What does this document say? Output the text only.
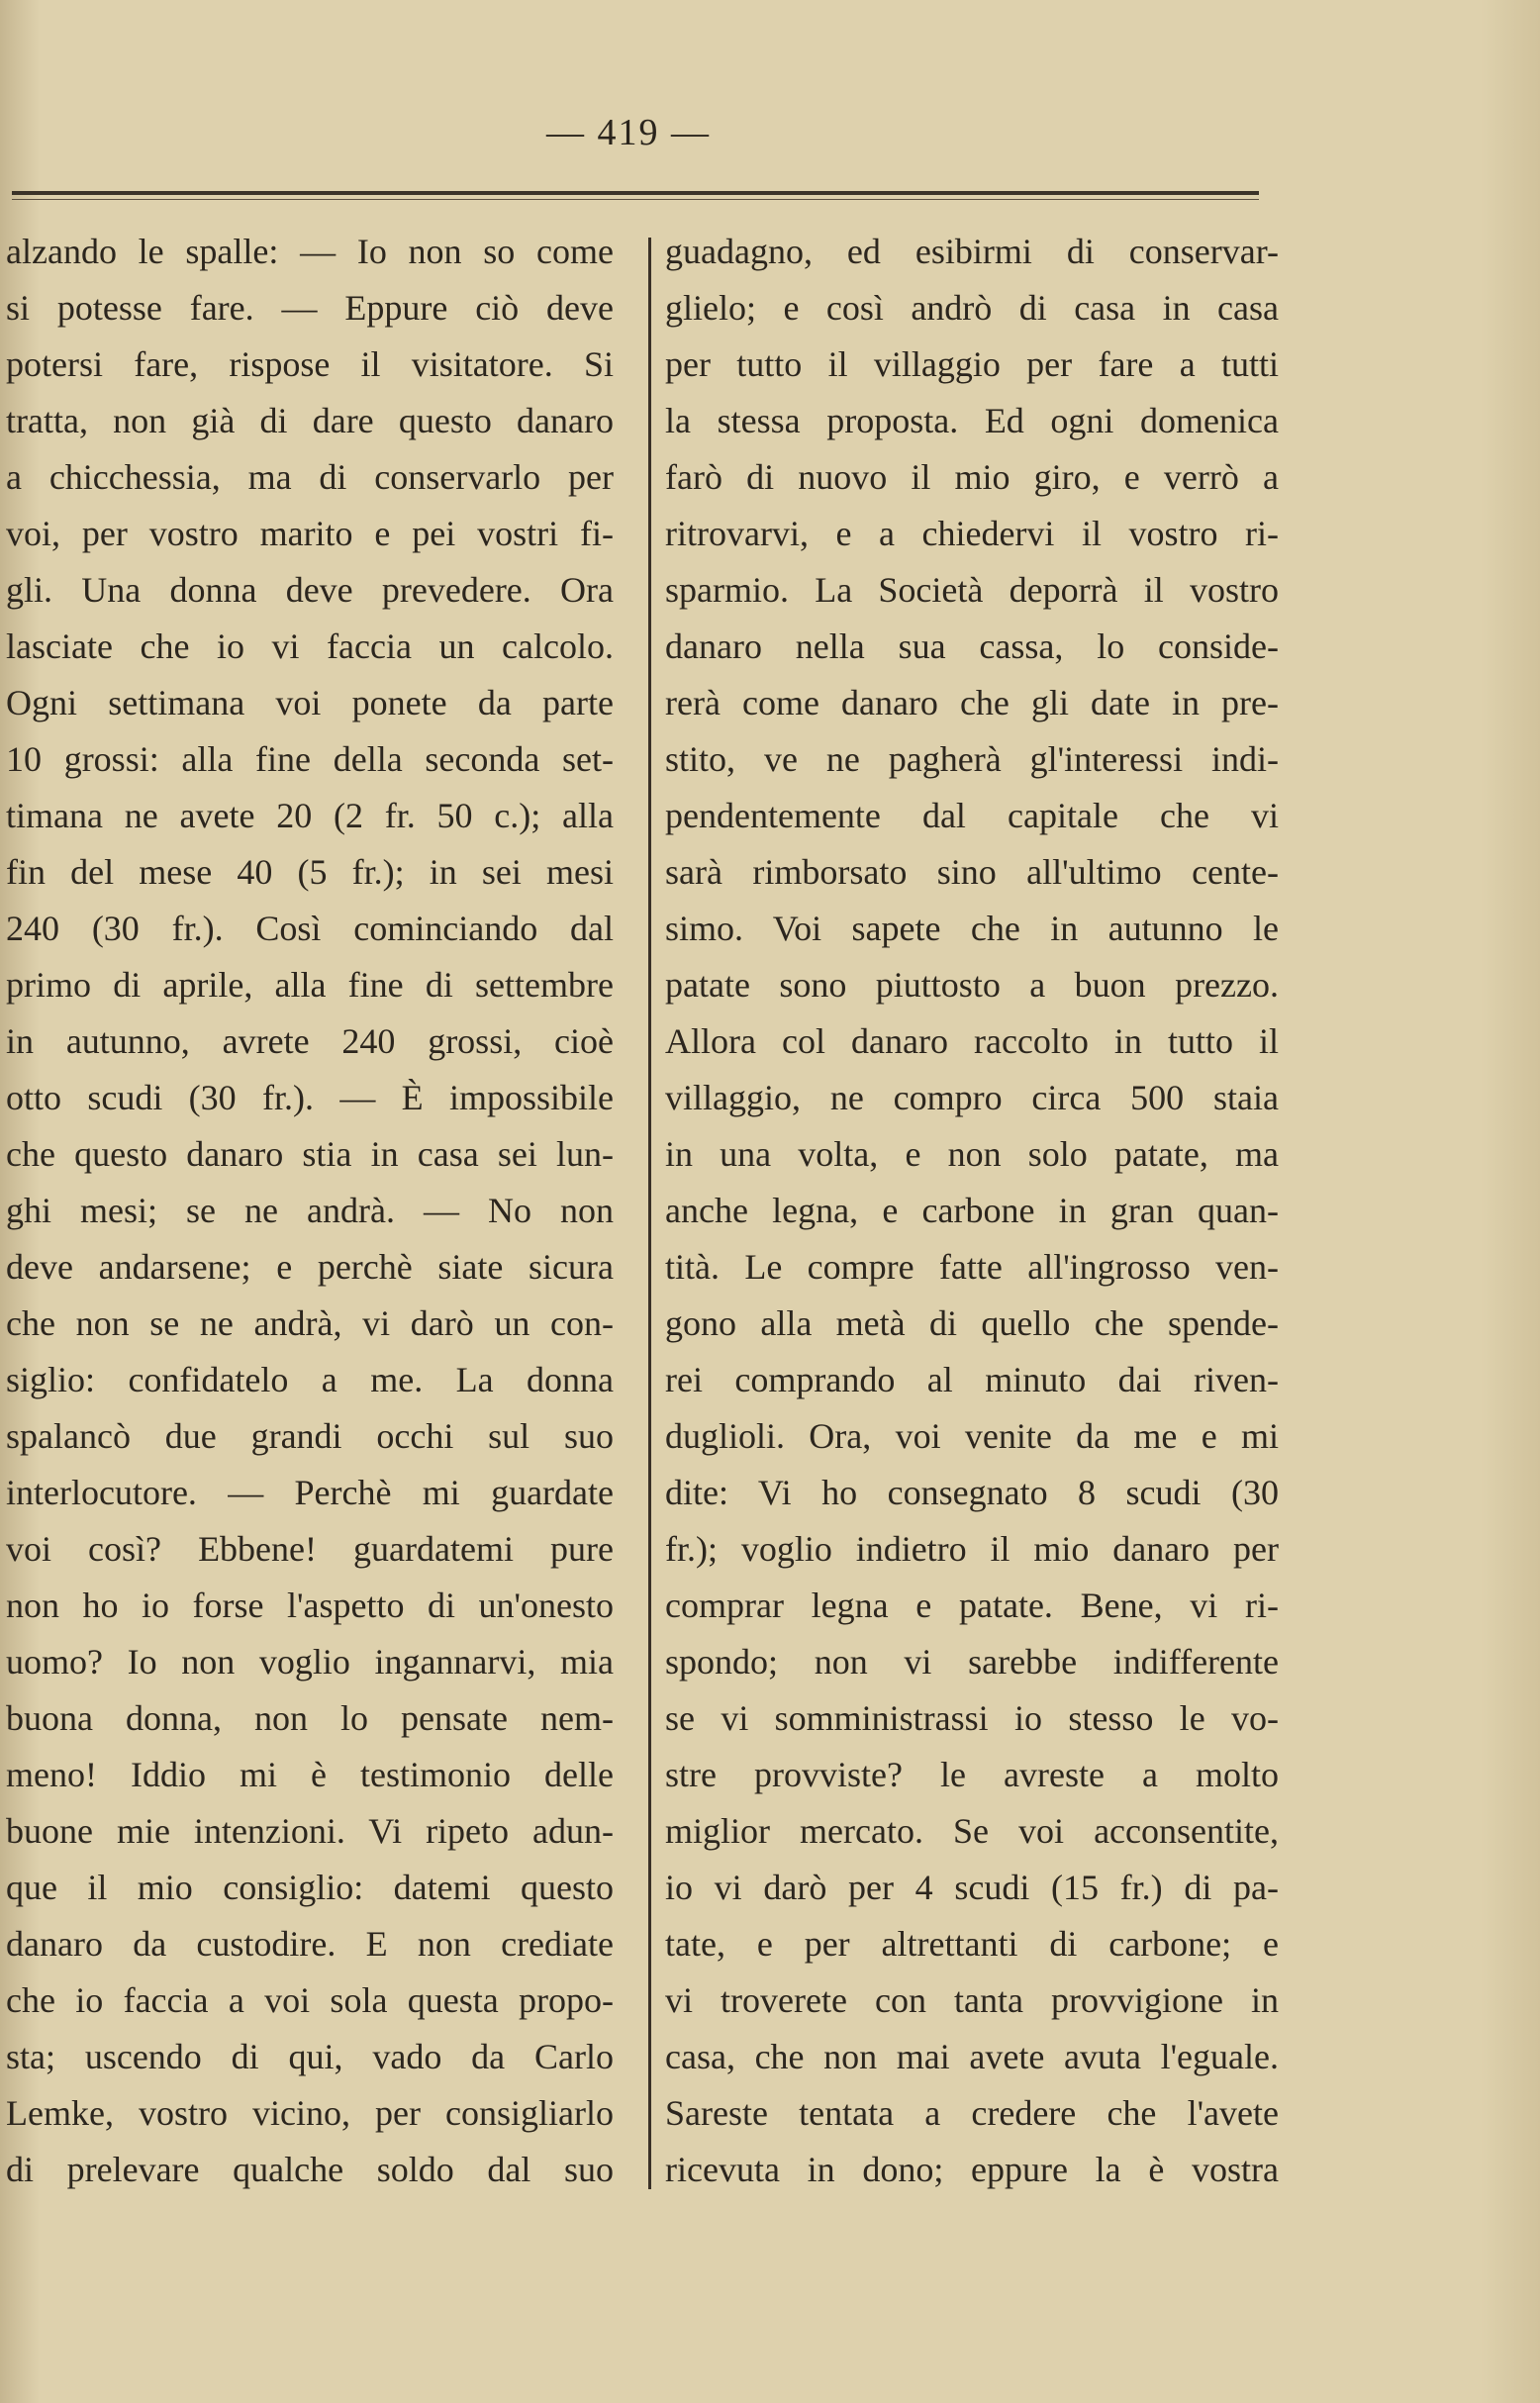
— 419 —
alzando le spalle: — Io non so come
si potesse fare. — Eppure ciò deve
potersi fare, rispose il visitatore. Si
tratta, non già di dare questo danaro
a chicchessia, ma di conservarlo per
voi, per vostro marito e pei vostri fi-
gli. Una donna deve prevedere. Ora
lasciate che io vi faccia un calcolo.
Ogni settimana voi ponete da parte
10 grossi: alla fine della seconda set-
timana ne avete 20 (2 fr. 50 c.); alla
fin del mese 40 (5 fr.); in sei mesi
240 (30 fr.). Così cominciando dal
primo di aprile, alla fine di settembre
in autunno, avrete 240 grossi, cioè
otto scudi (30 fr.). — È impossibile
che questo danaro stia in casa sei lun-
ghi mesi; se ne andrà. — No non
deve andarsene; e perchè siate sicura
che non se ne andrà, vi darò un con-
siglio: confidatelo a me. La donna
spalancò due grandi occhi sul suo
interlocutore. — Perchè mi guardate
voi così? Ebbene! guardatemi pure
non ho io forse l'aspetto di un'onesto
uomo? Io non voglio ingannarvi, mia
buona donna, non lo pensate nem-
meno! Iddio mi è testimonio delle
buone mie intenzioni. Vi ripeto adun-
que il mio consiglio: datemi questo
danaro da custodire. E non crediate
che io faccia a voi sola questa propo-
sta; uscendo di qui, vado da Carlo
Lemke, vostro vicino, per consigliarlo
di prelevare qualche soldo dal suo
guadagno, ed esibirmi di conservar-
glielo; e così andrò di casa in casa
per tutto il villaggio per fare a tutti
la stessa proposta. Ed ogni domenica
farò di nuovo il mio giro, e verrò a
ritrovarvi, e a chiedervi il vostro ri-
sparmio. La Società deporrà il vostro
danaro nella sua cassa, lo conside-
rerà come danaro che gli date in pre-
stito, ve ne pagherà gl'interessi indi-
pendentemente dal capitale che vi
sarà rimborsato sino all'ultimo cente-
simo. Voi sapete che in autunno le
patate sono piuttosto a buon prezzo.
Allora col danaro raccolto in tutto il
villaggio, ne compro circa 500 staia
in una volta, e non solo patate, ma
anche legna, e carbone in gran quan-
tità. Le compre fatte all'ingrosso ven-
gono alla metà di quello che spende-
rei comprando al minuto dai riven-
duglioli. Ora, voi venite da me e mi
dite: Vi ho consegnato 8 scudi (30
fr.); voglio indietro il mio danaro per
comprar legna e patate. Bene, vi ri-
spondo; non vi sarebbe indifferente
se vi somministrassi io stesso le vo-
stre provviste? le avreste a molto
miglior mercato. Se voi acconsentite,
io vi darò per 4 scudi (15 fr.) di pa-
tate, e per altrettanti di carbone; e
vi troverete con tanta provvigione in
casa, che non mai avete avuta l'eguale.
Sareste tentata a credere che l'avete
ricevuta in dono; eppure la è vostra
